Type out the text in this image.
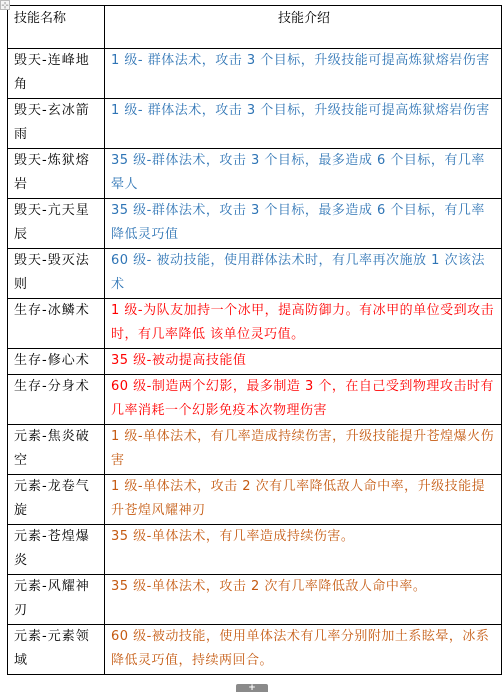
⊹
技能名称	技能介绍
毁天-连峰地角	1 级- 群体法术，攻击 3 个目标，升级技能可提高炼狱熔岩伤害
毁天-玄冰箭雨	1 级- 群体法术，攻击 3 个目标，升级技能可提高炼狱熔岩伤害
毁天-炼狱熔岩	35 级-群体法术，攻击 3 个目标，最多造成 6 个目标，有几率晕人
毁天-亢天星辰	35 级-群体法术，攻击 3 个目标，最多造成 6 个目标，有几率降低灵巧值
毁天-毁灭法则	60 级- 被动技能，使用群体法术时，有几率再次施放 1 次该法术
生存-冰鳞术	1 级-为队友加持一个冰甲，提高防御力。有冰甲的单位受到攻击时，有几率降低 该单位灵巧值。
生存-修心术	35 级-被动提高技能值
生存-分身术	60 级-制造两个幻影，最多制造 3 个，在自己受到物理攻击时有几率消耗一个幻影免疫本次物理伤害
元素-焦炎破空	1 级-单体法术，有几率造成持续伤害，升级技能提升苍煌爆火伤害
元素-龙卷气旋	1 级-单体法术，攻击 2 次有几率降低敌人命中率，升级技能提升苍煌风耀神刃
元素-苍煌爆炎	35 级-单体法术，有几率造成持续伤害。
元素-风耀神刃	35 级-单体法术，攻击 2 次有几率降低敌人命中率。
元素-元素领域	60 级-被动技能，使用单体法术有几率分别附加土系眩晕，冰系降低灵巧值，持续两回合。
+
